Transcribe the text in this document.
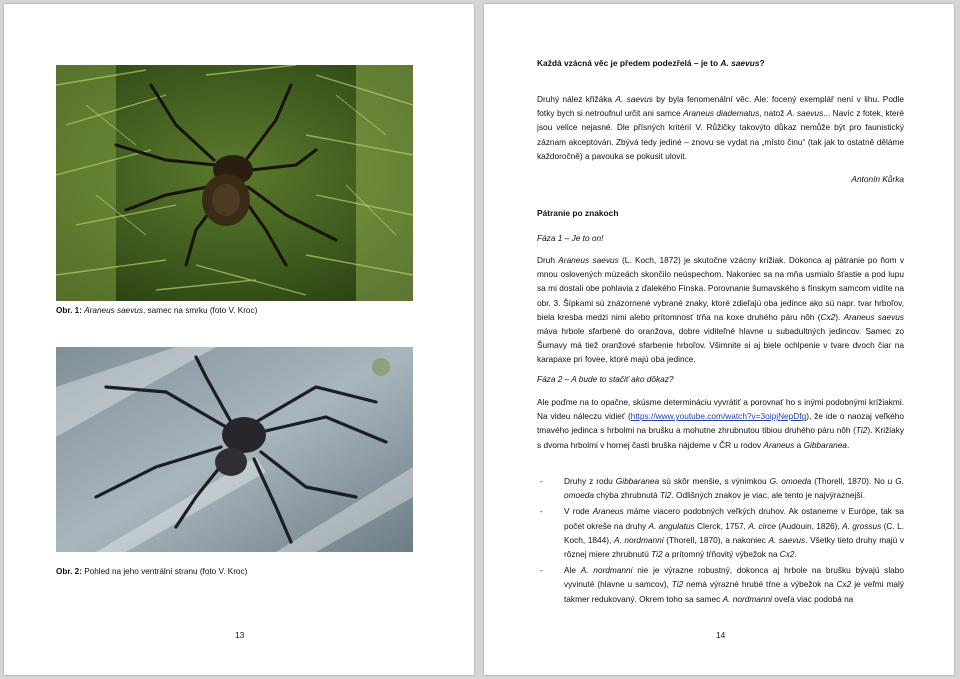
Obr. 1: Araneus saevus, samec na smrku (foto V. Kroc)
Obr. 2: Pohled na jeho ventrální stranu (foto V. Kroc)
13
Každá vzácná věc je předem podezřelá – je to A. saevus?
Druhý nález křižáka A. saevus by byla fenomenální věc. Ale: focený exemplář není v lihu. Podle fotky bych si netroufnul určit ani samce Araneus diadematus, natož A. saevus... Navíc z fotek, které jsou velice nejasné. Dle přísných kritérií V. Růžičky takovýto důkaz nemůže být pro faunistický záznam akceptován. Zbývá tedy jediné – znovu se vydat na „místo činu“ (tak jak to ostatně děláme každoročně) a pavouka se pokusit ulovit.
Antonín Kůrka
Pátranie po znakoch
Fáza 1 – Je to on!
Druh Araneus saevus (L. Koch, 1872) je skutočne vzácny krížiak. Dokonca aj pátranie po ňom v mnou oslovených múzeách skončilo neúspechom. Nakoniec sa na mňa usmialo šťastie a pod lupu sa mi dostali obe pohlavia z ďalekého Fínska. Porovnanie šumavského s fínskym samcom vidíte na obr. 3. Šípkami sú znázornené vybrané znaky, ktoré zdieľajú oba jedince ako sú napr. tvar hrboľov, biela kresba medzi nimi alebo prítomnosť tŕňa na koxe druhého páru nôh (Cx2). Araneus saevus máva hrbole sfarbené do oranžova, dobre viditeľné hlavne u subadultných jedincov. Samec zo Šumavy má tiež oranžové sfarbenie hrboľov. Všimnite si aj biele ochlpenie v tvare dvoch čiar na karapaxe pri fovee, ktoré majú oba jedince.
Fáza 2 – A bude to stačiť ako dôkaz?
Ale poďme na to opačne, skúsme determináciu vyvrátiť a porovnať ho s inými podobnými krížiakmi. Na videu náleczu vidieť (https://www.youtube.com/watch?v=3oipjNepDfg), že ide o naozaj veľkého tmavého jedinca s hrbolmi na brušku a mohutne zhrubnutou tibiou druhého páru nôh (Ti2). Križiaky s dvoma hrbolmi v hornej časti bruška nájdeme v ČR u rodov Araneus a Gibbaranea.
-	Druhy z rodu Gibbaranea sú skôr menšie, s výnimkou G. omoeda (Thorell, 1870). No u G. omoeda chýba zhrubnutá Ti2. Odlišných znakov je viac, ale tento je najvýraznejší.
-	V rode Araneus máme viacero podobných veľkých druhov. Ak ostaneme v Európe, tak sa počet okreše na druhy A. angulatus Clerck, 1757, A. circe (Audouin, 1826), A. grossus (C. L. Koch, 1844), A. nordmanni (Thorell, 1870), a nakoniec A. saevus. Všetky tieto druhy majú v rôznej miere zhrubnutú Ti2 a prítomný tŕňovitý výbežok na Cx2.
-	Ale A. nordmanni nie je výrazne robustný, dokonca aj hrbole na brušku bývajú slabo vyvinuté (hlavne u samcov), Ti2 nemá výrazné hrubé tŕne a výbežok na Cx2 je veľmi malý takmer redukovaný. Okrem toho sa samec A. nordmanni oveľa viac podobá na
14
